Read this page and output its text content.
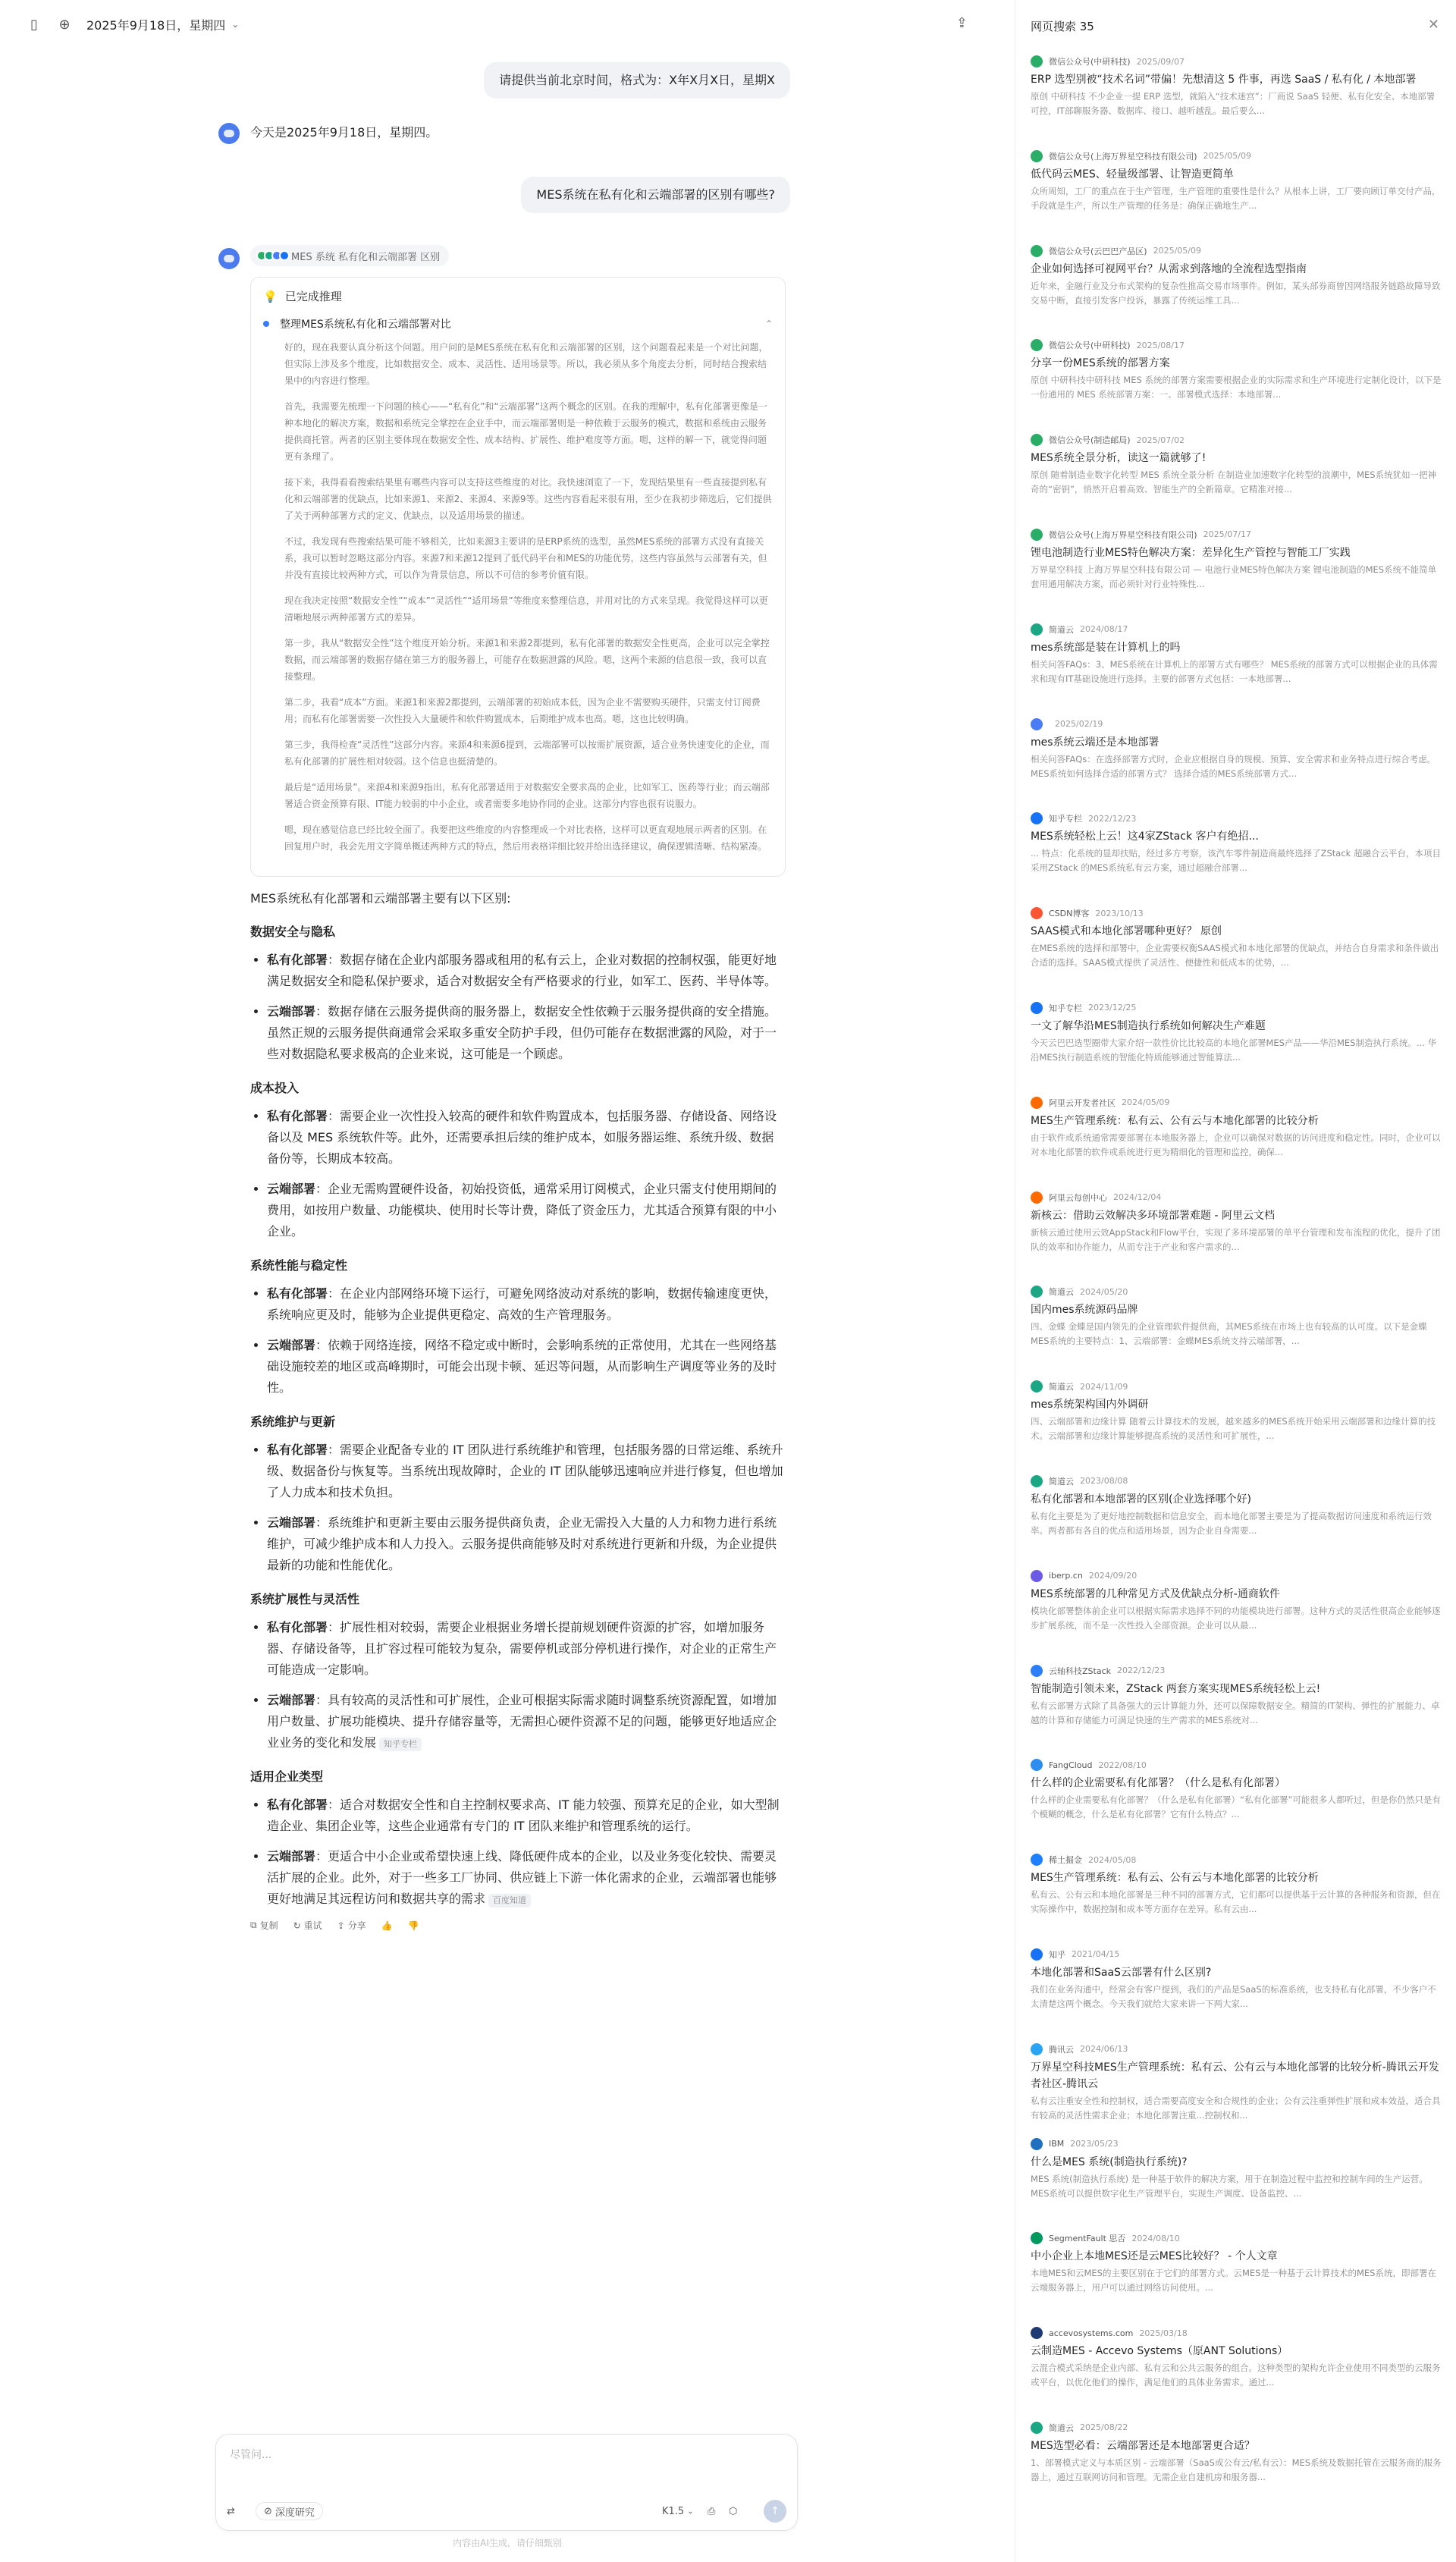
▯	⊕ 2025年9月18日，星期四 ⌄	⇪
请提供当前北京时间，格式为：X年X月X日，星期X
今天是2025年9月18日，星期四。
MES系统在私有化和云端部署的区别有哪些?
MES 系统 私有化和云端部署 区别
💡 已完成推理
整理MES系统私有化和云端部署对比	⌃

好的，现在我要认真分析这个问题。用户问的是MES系统在私有化和云端部署的区别，这个问题看起来是一个对比问题，但实际上涉及多个维度，比如数据安全、成本、灵活性、适用场景等。所以，我必须从多个角度去分析，同时结合搜索结果中的内容进行整理。

首先，我需要先梳理一下问题的核心——“私有化”和“云端部署”这两个概念的区别。在我的理解中，私有化部署更像是一种本地化的解决方案，数据和系统完全掌控在企业手中，而云端部署则是一种依赖于云服务的模式，数据和系统由云服务提供商托管。两者的区别主要体现在数据安全性、成本结构、扩展性、维护难度等方面。嗯，这样的解一下，就觉得问题更有条理了。

接下来，我得看看搜索结果里有哪些内容可以支持这些维度的对比。我快速浏览了一下，发现结果里有一些直接提到私有化和云端部署的优缺点，比如来源1、来源2、来源4、来源9等。这些内容看起来很有用，至少在我初步筛选后，它们提供了关于两种部署方式的定义、优缺点，以及适用场景的描述。

不过，我发现有些搜索结果可能不够相关，比如来源3主要讲的是ERP系统的选型，虽然MES系统的部署方式没有直接关系，我可以暂时忽略这部分内容。来源7和来源12提到了低代码平台和MES的功能优势，这些内容虽然与云部署有关，但并没有直接比较两种方式，可以作为背景信息，所以不可信的参考价值有限。

现在我决定按照“数据安全性”“成本”“灵活性”“适用场景”等维度来整理信息，并用对比的方式来呈现。我觉得这样可以更清晰地展示两种部署方式的差异。

第一步，我从“数据安全性”这个维度开始分析。来源1和来源2都提到，私有化部署的数据安全性更高，企业可以完全掌控数据，而云端部署的数据存储在第三方的服务器上，可能存在数据泄露的风险。嗯，这两个来源的信息很一致，我可以直接整理。

第二步，我看“成本”方面。来源1和来源2都提到，云端部署的初始成本低，因为企业不需要购买硬件，只需支付订阅费用；而私有化部署需要一次性投入大量硬件和软件购置成本，后期维护成本也高。嗯，这也比较明确。

第三步，我得检查“灵活性”这部分内容。来源4和来源6提到，云端部署可以按需扩展资源，适合业务快速变化的企业，而私有化部署的扩展性相对较弱。这个信息也挺清楚的。

最后是“适用场景”。来源4和来源9指出，私有化部署适用于对数据安全要求高的企业，比如军工、医药等行业；而云端部署适合资金预算有限、IT能力较弱的中小企业，或者需要多地协作同的企业。这部分内容也很有说服力。

嗯，现在感觉信息已经比较全面了。我要把这些维度的内容整理成一个对比表格，这样可以更直观地展示两者的区别。在回复用户时，我会先用文字简单概述两种方式的特点，然后用表格详细比较并给出选择建议，确保逻辑清晰、结构紧凑。

MES系统私有化部署和云端部署主要有以下区别:
数据安全与隐私
• 私有化部署：数据存储在企业内部服务器或租用的私有云上，企业对数据的控制权强，能更好地满足数据安全和隐私保护要求，适合对数据安全有严格要求的行业，如军工、医药、半导体等。
• 云端部署：数据存储在云服务提供商的服务器上，数据安全性依赖于云服务提供商的安全措施。虽然正规的云服务提供商通常会采取多重安全防护手段，但仍可能存在数据泄露的风险，对于一些对数据隐私要求极高的企业来说，这可能是一个顾虑。
成本投入
• 私有化部署：需要企业一次性投入较高的硬件和软件购置成本，包括服务器、存储设备、网络设备以及 MES 系统软件等。此外，还需要承担后续的维护成本，如服务器运维、系统升级、数据备份等，长期成本较高。
• 云端部署：企业无需购置硬件设备，初始投资低，通常采用订阅模式，企业只需支付使用期间的费用，如按用户数量、功能模块、使用时长等计费，降低了资金压力，尤其适合预算有限的中小企业。
系统性能与稳定性
• 私有化部署：在企业内部网络环境下运行，可避免网络波动对系统的影响，数据传输速度更快，系统响应更及时，能够为企业提供更稳定、高效的生产管理服务。
• 云端部署：依赖于网络连接，网络不稳定或中断时，会影响系统的正常使用，尤其在一些网络基础设施较差的地区或高峰期时，可能会出现卡顿、延迟等问题，从而影响生产调度等业务的及时性。
系统维护与更新
• 私有化部署：需要企业配备专业的 IT 团队进行系统维护和管理，包括服务器的日常运维、系统升级、数据备份与恢复等。当系统出现故障时，企业的 IT 团队能够迅速响应并进行修复，但也增加了人力成本和技术负担。
• 云端部署：系统维护和更新主要由云服务提供商负责，企业无需投入大量的人力和物力进行系统维护，可减少维护成本和人力投入。云服务提供商能够及时对系统进行更新和升级，为企业提供最新的功能和性能优化。
系统扩展性与灵活性
• 私有化部署：扩展性相对较弱，需要企业根据业务增长提前规划硬件资源的扩容，如增加服务器、存储设备等，且扩容过程可能较为复杂，需要停机或部分停机进行操作，对企业的正常生产可能造成一定影响。
• 云端部署：具有较高的灵活性和可扩展性，企业可根据实际需求随时调整系统资源配置，如增加用户数量、扩展功能模块、提升存储容量等，无需担心硬件资源不足的问题，能够更好地适应企业业务的变化和发展 知乎专栏
适用企业类型
• 私有化部署：适合对数据安全性和自主控制权要求高、IT 能力较强、预算充足的企业，如大型制造企业、集团企业等，这些企业通常有专门的 IT 团队来维护和管理系统的运行。
• 云端部署：更适合中小企业或希望快速上线、降低硬件成本的企业，以及业务变化较快、需要灵活扩展的企业。此外，对于一些多工厂协同、供应链上下游一体化需求的企业，云端部署也能够更好地满足其远程访问和数据共享的需求 百度知道
⧉ 复制 ↻ 重试 ⇪ 分享 👍 👎
尽管问...
⇄	⊘ 深度研究	K1.5 ⌄ ⎙ ⬡	↑
内容由AI生成，请仔细甄别
网页搜索 35	✕
微信公众号(中研科技) 2025/09/07
ERP 选型别被“技术名词”带偏！先想清这 5 件事，再选 SaaS / 私有化 / 本地部署
原创 中研科技 不少企业一提 ERP 选型，就陷入“技术迷宫”：厂商说 SaaS 轻便、私有化安全、本地部署可控，IT部聊服务器、数据库、接口、越听越乱。最后要么...
微信公众号(上海万界星空科技有限公司) 2025/05/09
低代码云MES、轻量级部署、让智造更简单
众所周知，工厂的重点在于生产管理，生产管理的重要性是什么？从根本上讲，工厂要向顾订单交付产品，手段就是生产，所以生产管理的任务是：确保正确地生产...
微信公众号(云巴巴产品区) 2025/05/09
企业如何选择可视网平台？从需求到落地的全流程选型指南
近年来，金融行业及分布式架构的复杂性推高交易市场事件。例如，某头部券商曾因网络服务链路故障导致交易中断，直接引发客户投诉，暴露了传统运维工具...
微信公众号(中研科技) 2025/08/17
分享一份MES系统的部署方案
原创 中研科技中研科技 MES 系统的部署方案需要根据企业的实际需求和生产环境进行定制化设计，以下是一份通用的 MES 系统部署方案：一、部署模式选择：本地部署...
微信公众号(制造邮局) 2025/07/02
MES系统全景分析，读这一篇就够了!
原创 随着制造业数字化转型 MES 系统全景分析 在制造业加速数字化转型的浪潮中，MES系统犹如一把神奇的“密钥”，悄然开启着高效、智能生产的全新篇章。它精准对接...
微信公众号(上海万界星空科技有限公司) 2025/07/17
锂电池制造行业MES特色解决方案：差异化生产管控与智能工厂实践
万界星空科技 上海万界星空科技有限公司 — 电池行业MES特色解决方案 锂电池制造的MES系统不能简单套用通用解决方案，而必须针对行业特殊性...
简道云 2024/08/17
mes系统部是装在计算机上的吗
相关问答FAQs：3、MES系统在计算机上的部署方式有哪些？ MES系统的部署方式可以根据企业的具体需求和现有IT基础设施进行选择。主要的部署方式包括：一本地部署...
2025/02/19
mes系统云端还是本地部署
相关问答FAQs：在选择部署方式时，企业应根据自身的规模、预算、安全需求和业务特点进行综合考虑。MES系统如何选择合适的部署方式？ 选择合适的MES系统部署方式...
知乎专栏 2022/12/23
MES系统轻松上云！这4家ZStack 客户有绝招...
... 特点：化系统的显却扶贴，经过多方考察，该汽车零件制造商最终选择了ZStack 超融合云平台，本项目采用ZStack 的MES系统私有云方案，通过超融合部署...
CSDN博客 2023/10/13
SAAS模式和本地化部署哪种更好？ 原创
在MES系统的选择和部署中，企业需要权衡SAAS模式和本地化部署的优缺点，并结合自身需求和条件做出合适的选择。SAAS模式提供了灵活性、便捷性和低成本的优势，...
知乎专栏 2023/12/25
一文了解华沿MES制造执行系统如何解决生产难题
今天云巴巴选型圈带大家介绍一款性价比比较高的本地化部署MES产品——华沿MES制造执行系统。... 华沿MES执行制造系统的智能化特质能够通过智能算法...
阿里云开发者社区 2024/05/09
MES生产管理系统：私有云、公有云与本地化部署的比较分析
由于软件或系统通常需要部署在本地服务器上，企业可以确保对数据的访问进度和稳定性。同时，企业可以对本地化部署的软件或系统进行更为精细化的管理和监控，确保...
阿里云每创中心 2024/12/04
新核云：借助云效解决多环境部署难题 - 阿里云文档
新核云通过使用云效AppStack和Flow平台，实现了多环境部署的单平台管理和发布流程的优化，提升了团队的效率和协作能力，从而专注于产业和客户需求的...
简道云 2024/05/20
国内mes系统源码品牌
四、金蝶 金蝶是国内领先的企业管理软件提供商，其MES系统在市场上也有较高的认可度。以下是金蝶MES系统的主要特点：1、云端部署：金蝶MES系统支持云端部署，...
简道云 2024/11/09
mes系统架构国内外调研
四、云端部署和边缘计算 随着云计算技术的发展，越来越多的MES系统开始采用云端部署和边缘计算的技术。云端部署和边缘计算能够提高系统的灵活性和可扩展性，...
简道云 2023/08/08
私有化部署和本地部署的区别(企业选择哪个好)
私有化主要是为了更好地控制数据和信息安全，而本地化部署主要是为了提高数据访问速度和系统运行效率。两者都有各自的优点和适用场景，因为企业自身需要...
iberp.cn 2024/09/20
MES系统部署的几种常见方式及优缺点分析-通商软件
模块化部署整体前企业可以根据实际需求选择不同的功能模块进行部署。这种方式的灵活性很高企业能够逐步扩展系统，而不是一次性投入全部资源。企业可以从最...
云轴科技ZStack 2022/12/23
智能制造引领未来，ZStack 两套方案实现MES系统轻松上云!
私有云部署方式除了具备强大的云计算能力外，还可以保障数据安全。精简的IT架构、弹性的扩展能力、卓越的计算和存储能力可满足快速的生产需求的MES系统对...
FangCloud 2022/08/10
什么样的企业需要私有化部署？（什么是私有化部署）
什么样的企业需要私有化部署？（什么是私有化部署）“私有化部署”可能很多人都听过，但是你仍然只是有个模糊的概念，什么是私有化部署？它有什么特点？...
稀土掘金 2024/05/08
MES生产管理系统：私有云、公有云与本地化部署的比较分析
私有云、公有云和本地化部署是三种不同的部署方式，它们都可以提供基于云计算的各种服务和资源，但在实际操作中，数据控制和成本等方面存在差异。私有云由...
知乎 2021/04/15
本地化部署和SaaS云部署有什么区别?
我们在业务沟通中，经常会有客户提到，我们的产品是SaaS的标准系统，也支持私有化部署，不少客户不太清楚这两个概念。今天我们就给大家来讲一下两大家...
腾讯云 2024/06/13
万界星空科技MES生产管理系统：私有云、公有云与本地化部署的比较分析-腾讯云开发者社区-腾讯云
私有云注重安全性和控制权，适合需要高度安全和合规性的企业；公有云注重弹性扩展和成本效益，适合具有较高的灵活性需求企业；本地化部署注重...控制权和...
IBM 2023/05/23
什么是MES 系统(制造执行系统)?
MES 系统(制造执行系统) 是一种基于软件的解决方案，用于在制造过程中监控和控制车间的生产运营。MES系统可以提供数字化生产管理平台，实现生产调度、设备监控、...
SegmentFault 思否 2024/08/10
中小企业上本地MES还是云MES比较好？ - 个人文章
本地MES和云MES的主要区别在于它们的部署方式。云MES是一种基于云计算技术的MES系统，即部署在云端服务器上，用户可以通过网络访问使用。...
accevosystems.com 2025/03/18
云制造MES - Accevo Systems（原ANT Solutions）
云混合模式采纳是企业内部、私有云和公共云服务的组合。这种类型的架构允许企业使用不同类型的云服务或平台，以优化他们的操作，满足他们的具体业务需求。通过...
简道云 2025/08/22
MES选型必看：云端部署还是本地部署更合适？
1、部署模式定义与本质区别 - 云端部署（SaaS或公有云/私有云）：MES系统及数据托管在云服务商的服务器上，通过互联网访问和管理。无需企业自建机房和服务器...
